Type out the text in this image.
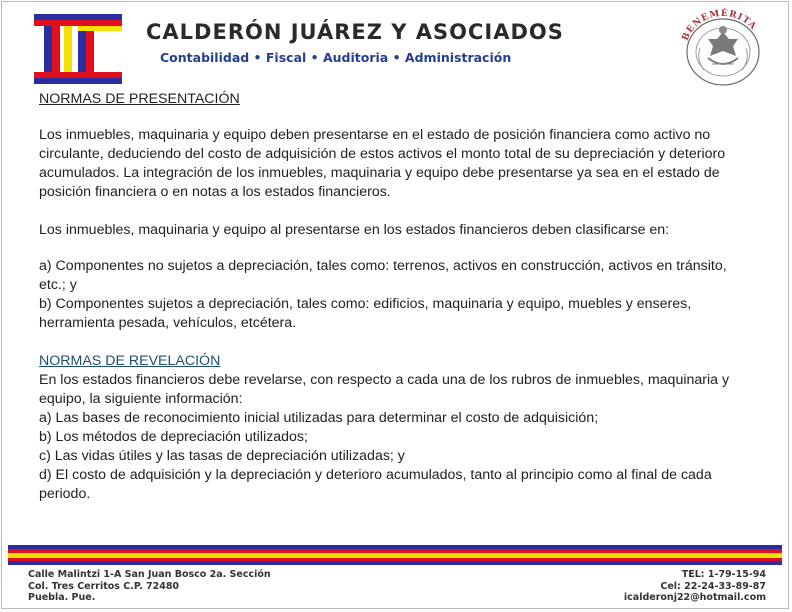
CALDERÓN JUÁREZ Y ASOCIADOS
Contabilidad • Fiscal • Auditoria • Administración
BENEMÉRITA

NORMAS DE PRESENTACIÓN

Los inmuebles, maquinaria y equipo deben presentarse en el estado de posición financiera como activo no circulante, deduciendo del costo de adquisición de estos activos el monto total de su depreciación y deterioro acumulados. La integración de los inmuebles, maquinaria y equipo debe presentarse ya sea en el estado de posición financiera o en notas a los estados financieros.

Los inmuebles, maquinaria y equipo al presentarse en los estados financieros deben clasificarse en:

a) Componentes no sujetos a depreciación, tales como: terrenos, activos en construcción, activos en tránsito, etc.; y

b) Componentes sujetos a depreciación, tales como: edificios, maquinaria y equipo, muebles y enseres, herramienta pesada, vehículos, etcétera.

NORMAS DE REVELACIÓN

En los estados financieros debe revelarse, con respecto a cada una de los rubros de inmuebles, maquinaria y equipo, la siguiente información:

a) Las bases de reconocimiento inicial utilizadas para determinar el costo de adquisición;

b) Los métodos de depreciación utilizados;

c) Las vidas útiles y las tasas de depreciación utilizadas; y

d) El costo de adquisición y la depreciación y deterioro acumulados, tanto al principio como al final de cada periodo.

Calle Malintzi 1-A San Juan Bosco 2a. Sección
Col. Tres Cerritos C.P. 72480
Puebla. Pue.
TEL: 1-79-15-94
Cel: 22-24-33-89-87
icalderonj22@hotmail.com
